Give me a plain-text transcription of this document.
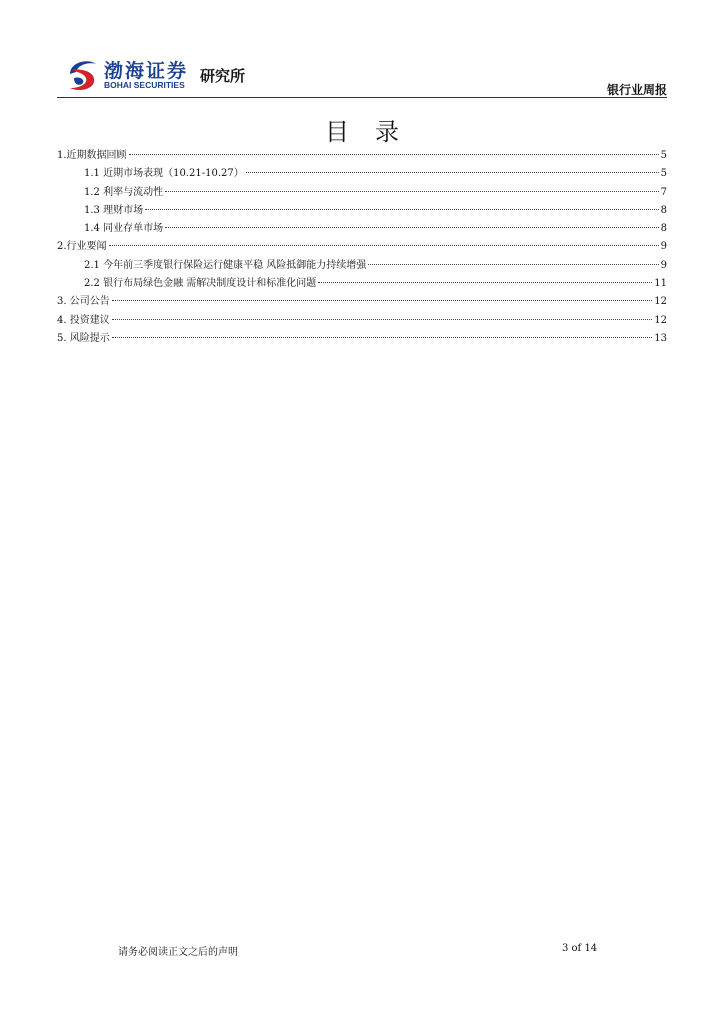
渤海证券
BOHAI SECURITIES 研究所
银行业周报
目录
1.近期数据回顾	5
1.1 近期市场表现（10.21-10.27）	5
1.2 利率与流动性	7
1.3 理财市场	8
1.4 同业存单市场	8
2.行业要闻	9
2.1 今年前三季度银行保险运行健康平稳 风险抵御能力持续增强	9
2.2 银行布局绿色金融 需解决制度设计和标准化问题	11
3. 公司公告	12
4. 投资建议	12
5. 风险提示	13
请务必阅读正文之后的声明	3 of 14
